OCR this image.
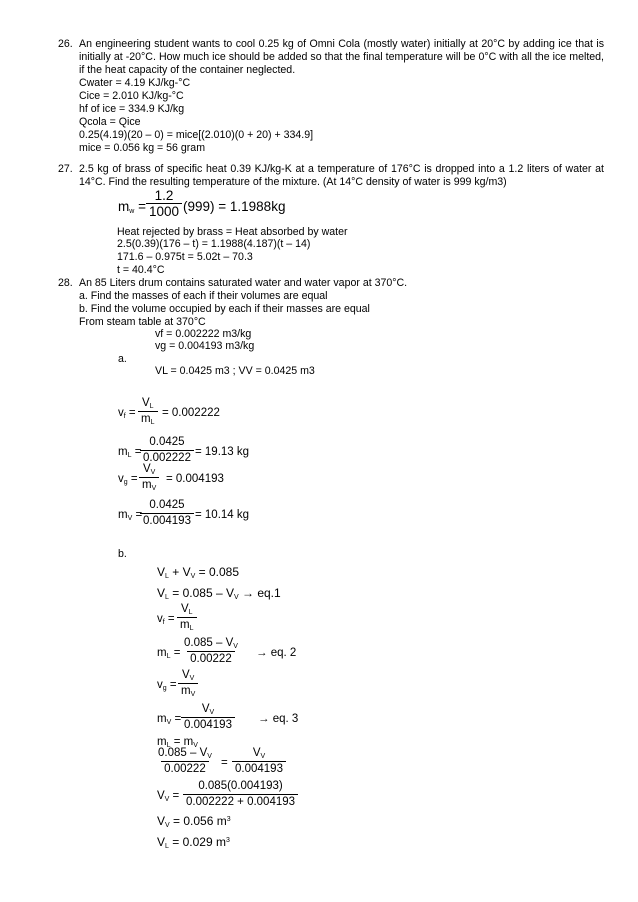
26. An engineering student wants to cool 0.25 kg of Omni Cola (mostly water) initially at 20°C by adding ice that is initially at -20°C. How much ice should be added so that the final temperature will be 0°C with all the ice melted, if the heat capacity of the container neglected.
Cwater = 4.19 KJ/kg-°C
Cice = 2.010 KJ/kg-°C
hf of ice = 334.9 KJ/kg
Qcola = Qice
0.25(4.19)(20 – 0) = mice[(2.010)(0 + 20) + 334.9]
mice = 0.056 kg = 56 gram
27. 2.5 kg of brass of specific heat 0.39 KJ/kg-K at a temperature of 176°C is dropped into a 1.2 liters of water at 14°C. Find the resulting temperature of the mixture. (At 14°C density of water is 999 kg/m3)
$m_w = \frac{1.2}{1000} (999) = 1.1988kg$
Heat rejected by brass = Heat absorbed by water
2.5(0.39)(176 – t) = 1.1988(4.187)(t – 14)
171.6 – 0.975t = 5.02t – 70.3
t = 40.4°C
28. An 85 Liters drum contains saturated water and water vapor at 370°C.
a. Find the masses of each if their volumes are equal
b. Find the volume occupied by each if their masses are equal
From steam table at 370°C
vf = 0.002222 m3/kg
vg = 0.004193 m3/kg
a.
VL = 0.0425 m3 ; VV = 0.0425 m3
$v_f = \frac{V_L}{m_L} = 0.002222$
$m_L$ =
$\frac{0.0425}{0.002222} = 19.13$ kg
$v_g = \frac{V_V}{m_V} = 0.004193$
$m_V$ =
$\frac{0.0425}{0.004193} = 10.14$ kg
b.
$V_L + V_V = 0.085$
$V_L = 0.085 - V_V \to eq.1$
$v_f = \frac{V_L}{m_L}$
$m_L = \frac{0.085 - V_V}{0.00222}$ → eq. 2
$v_g = \frac{V_V}{m_V}$
$m_V = \frac{V_V}{0.004193}$ → eq. 3
$m_L = m_V$
$\frac{0.085 - V_V}{0.00222} = \frac{V_V}{0.004193}$
$V_V = \frac{0.085(0.004193)}{0.002222 + 0.004193}$
$V_V = 0.056$ $m^3$
$V_L = 0.029$ $m^3$
